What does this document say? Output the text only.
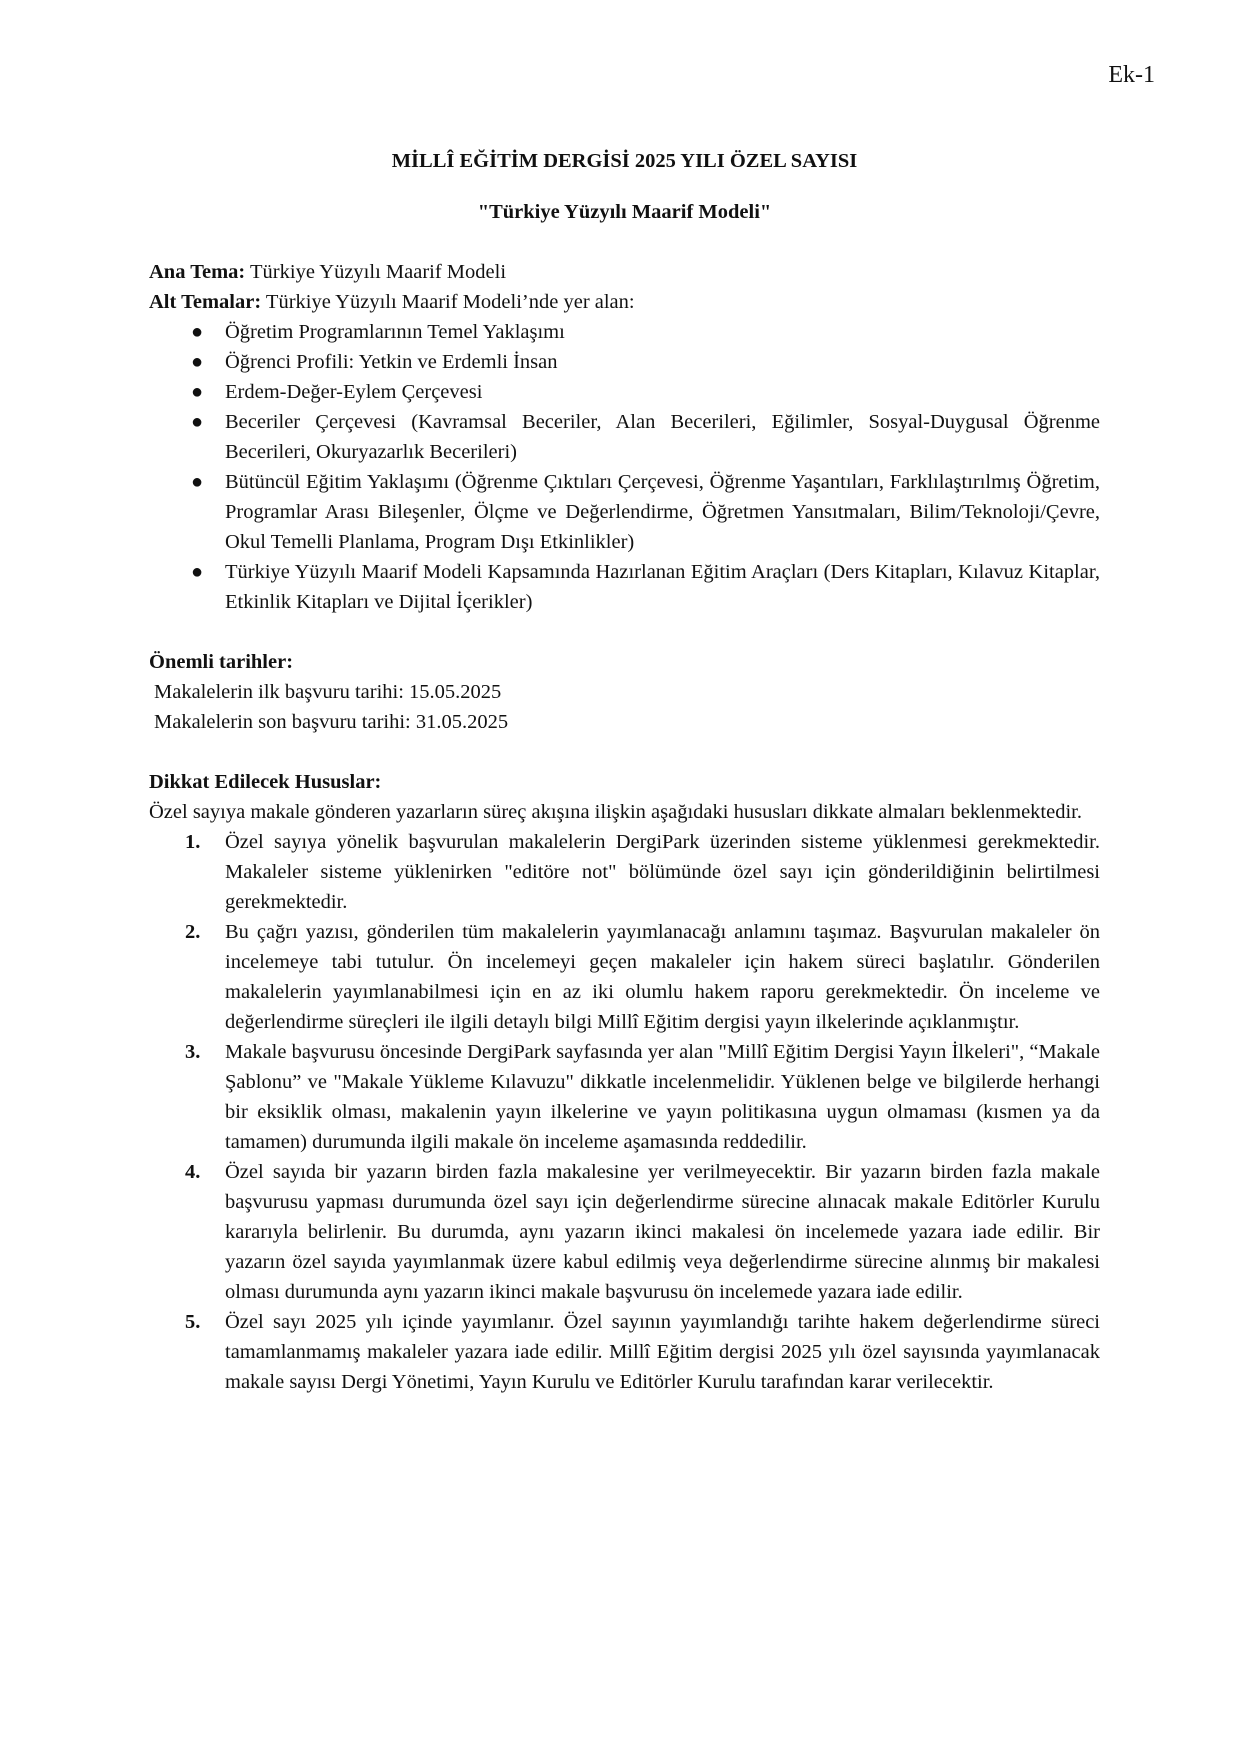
Ek-1
MİLLÎ EĞİTİM DERGİSİ 2025 YILI ÖZEL SAYISI
"Türkiye Yüzyılı Maarif Modeli"

Ana Tema: Türkiye Yüzyılı Maarif Modeli

Alt Temalar: Türkiye Yüzyılı Maarif Modeli’nde yer alan:

● Öğretim Programlarının Temel Yaklaşımı
● Öğrenci Profili: Yetkin ve Erdemli İnsan
● Erdem-Değer-Eylem Çerçevesi
● Beceriler Çerçevesi (Kavramsal Beceriler, Alan Becerileri, Eğilimler, Sosyal-Duygusal Öğrenme Becerileri, Okuryazarlık Becerileri)
● Bütüncül Eğitim Yaklaşımı (Öğrenme Çıktıları Çerçevesi, Öğrenme Yaşantıları, Farklılaştırılmış Öğretim, Programlar Arası Bileşenler, Ölçme ve Değerlendirme, Öğretmen Yansıtmaları, Bilim/Teknoloji/Çevre, Okul Temelli Planlama, Program Dışı Etkinlikler)
● Türkiye Yüzyılı Maarif Modeli Kapsamında Hazırlanan Eğitim Araçları (Ders Kitapları, Kılavuz Kitaplar, Etkinlik Kitapları ve Dijital İçerikler)

Önemli tarihler:

Makalelerin ilk başvuru tarihi: 15.05.2025

Makalelerin son başvuru tarihi: 31.05.2025

Dikkat Edilecek Hususlar:

Özel sayıya makale gönderen yazarların süreç akışına ilişkin aşağıdaki hususları dikkate almaları beklenmektedir.

1. Özel sayıya yönelik başvurulan makalelerin DergiPark üzerinden sisteme yüklenmesi gerekmektedir. Makaleler sisteme yüklenirken "editöre not" bölümünde özel sayı için gönderildiğinin belirtilmesi gerekmektedir.
2. Bu çağrı yazısı, gönderilen tüm makalelerin yayımlanacağı anlamını taşımaz. Başvurulan makaleler ön incelemeye tabi tutulur. Ön incelemeyi geçen makaleler için hakem süreci başlatılır. Gönderilen makalelerin yayımlanabilmesi için en az iki olumlu hakem raporu gerekmektedir. Ön inceleme ve değerlendirme süreçleri ile ilgili detaylı bilgi Millî Eğitim dergisi yayın ilkelerinde açıklanmıştır.
3. Makale başvurusu öncesinde DergiPark sayfasında yer alan "Millî Eğitim Dergisi Yayın İlkeleri", “Makale Şablonu” ve "Makale Yükleme Kılavuzu" dikkatle incelenmelidir. Yüklenen belge ve bilgilerde herhangi bir eksiklik olması, makalenin yayın ilkelerine ve yayın politikasına uygun olmaması (kısmen ya da tamamen) durumunda ilgili makale ön inceleme aşamasında reddedilir.
4. Özel sayıda bir yazarın birden fazla makalesine yer verilmeyecektir. Bir yazarın birden fazla makale başvurusu yapması durumunda özel sayı için değerlendirme sürecine alınacak makale Editörler Kurulu kararıyla belirlenir. Bu durumda, aynı yazarın ikinci makalesi ön incelemede yazara iade edilir. Bir yazarın özel sayıda yayımlanmak üzere kabul edilmiş veya değerlendirme sürecine alınmış bir makalesi olması durumunda aynı yazarın ikinci makale başvurusu ön incelemede yazara iade edilir.
5. Özel sayı 2025 yılı içinde yayımlanır. Özel sayının yayımlandığı tarihte hakem değerlendirme süreci tamamlanmamış makaleler yazara iade edilir. Millî Eğitim dergisi 2025 yılı özel sayısında yayımlanacak makale sayısı Dergi Yönetimi, Yayın Kurulu ve Editörler Kurulu tarafından karar verilecektir.
